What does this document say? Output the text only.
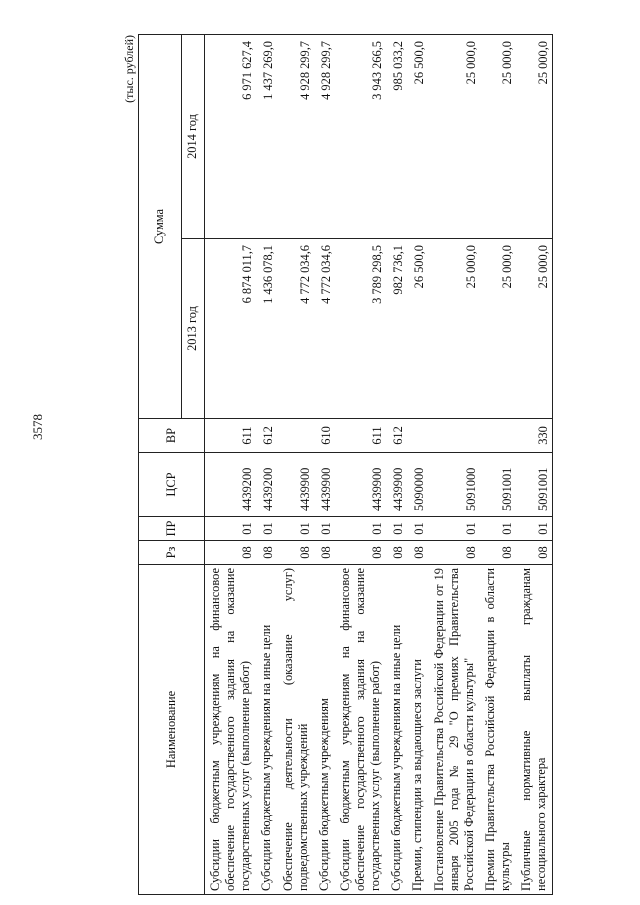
3578
(тыс. рублей)
Наименование	Рз	ПР	ЦСР	ВР	Сумма	
					2013 год	2014 год
Субсидии бюджетным учреждениям на финансовое обеспечение государственного задания на оказание государственных услуг (выполнение работ)	08	01	4439200	611	6 874 011,7	6 971 627,4
Субсидии бюджетным учреждениям на иные цели	08	01	4439200	612	1 436 078,1	1 437 269,0
Обеспечение деятельности (оказание услуг) подведомственных учреждений	08	01	4439900		4 772 034,6	4 928 299,7
Субсидии бюджетным учреждениям	08	01	4439900	610	4 772 034,6	4 928 299,7
Субсидии бюджетным учреждениям на финансовое обеспечение государственного задания на оказание государственных услуг (выполнение работ)	08	01	4439900	611	3 789 298,5	3 943 266,5
Субсидии бюджетным учреждениям на иные цели	08	01	4439900	612	982 736,1	985 033,2
Премии, стипендии за выдающиеся заслуги	08	01	5090000		26 500,0	26 500,0
Постановление Правительства Российской Федерации от 19 января 2005 года № 29 "О премиях Правительства Российской Федерации в области культуры"	08	01	5091000		25 000,0	25 000,0
Премии Правительства Российской Федерации в области культуры	08	01	5091001		25 000,0	25 000,0
Публичные нормативные выплаты гражданам несоциального характера	08	01	5091001	330	25 000,0	25 000,0
